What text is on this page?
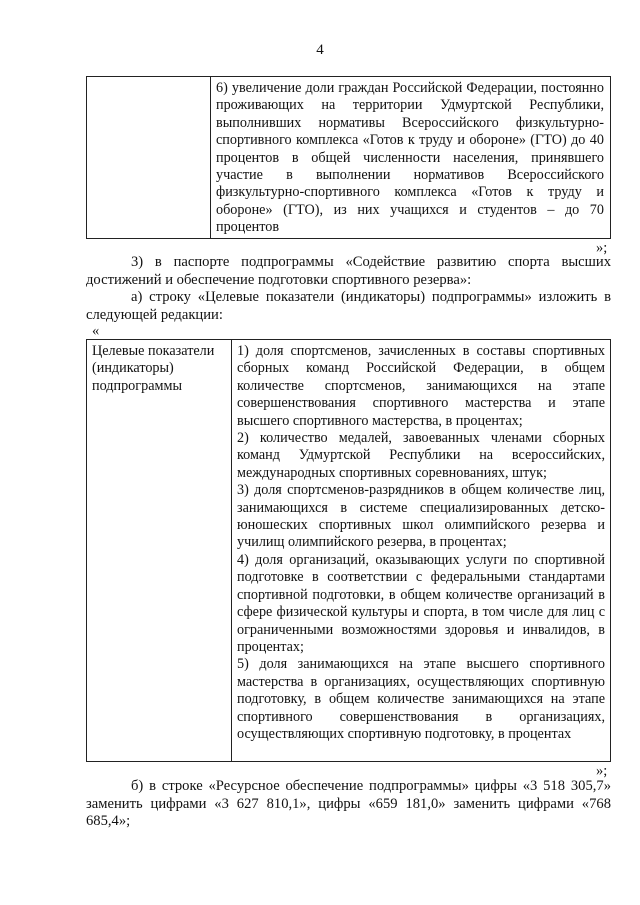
4
6) увеличение доли граждан Российской Федерации, постоянно проживающих на территории Удмуртской Республики, выполнивших нормативы Всероссийского физкультурно-спортивного комплекса «Готов к труду и обороне» (ГТО) до 40 процентов в общей численности населения, принявшего участие в выполнении нормативов Всероссийского физкультурно-спортивного комплекса «Готов к труду и обороне» (ГТО), из них учащихся и студентов – до 70 процентов
»;
3) в паспорте подпрограммы «Содействие развитию спорта высших достижений и обеспечение подготовки спортивного резерва»:
а) строку «Целевые показатели (индикаторы) подпрограммы» изложить в следующей редакции:
«
Целевые показатели (индикаторы) подпрограммы

1) доля спортсменов, зачисленных в составы спортивных сборных команд Российской Федерации, в общем количестве спортсменов, занимающихся на этапе совершенствования спортивного мастерства и этапе высшего спортивного мастерства, в процентах;

2) количество медалей, завоеванных членами сборных команд Удмуртской Республики на всероссийских, международных спортивных соревнованиях, штук;

3) доля спортсменов-разрядников в общем количестве лиц, занимающихся в системе специализированных детско-юношеских спортивных школ олимпийского резерва и училищ олимпийского резерва, в процентах;

4) доля организаций, оказывающих услуги по спортивной подготовке в соответствии с федеральными стандартами спортивной подготовки, в общем количестве организаций в сфере физической культуры и спорта, в том числе для лиц с ограниченными возможностями здоровья и инвалидов, в процентах;

5) доля занимающихся на этапе высшего спортивного мастерства в организациях, осуществляющих спортивную подготовку, в общем количестве занимающихся на этапе спортивного совершенствования в организациях, осуществляющих спортивную подготовку, в процентах

»;
б) в строке «Ресурсное обеспечение подпрограммы» цифры «3 518 305,7» заменить цифрами «3 627 810,1», цифры «659 181,0» заменить цифрами «768 685,4»;
